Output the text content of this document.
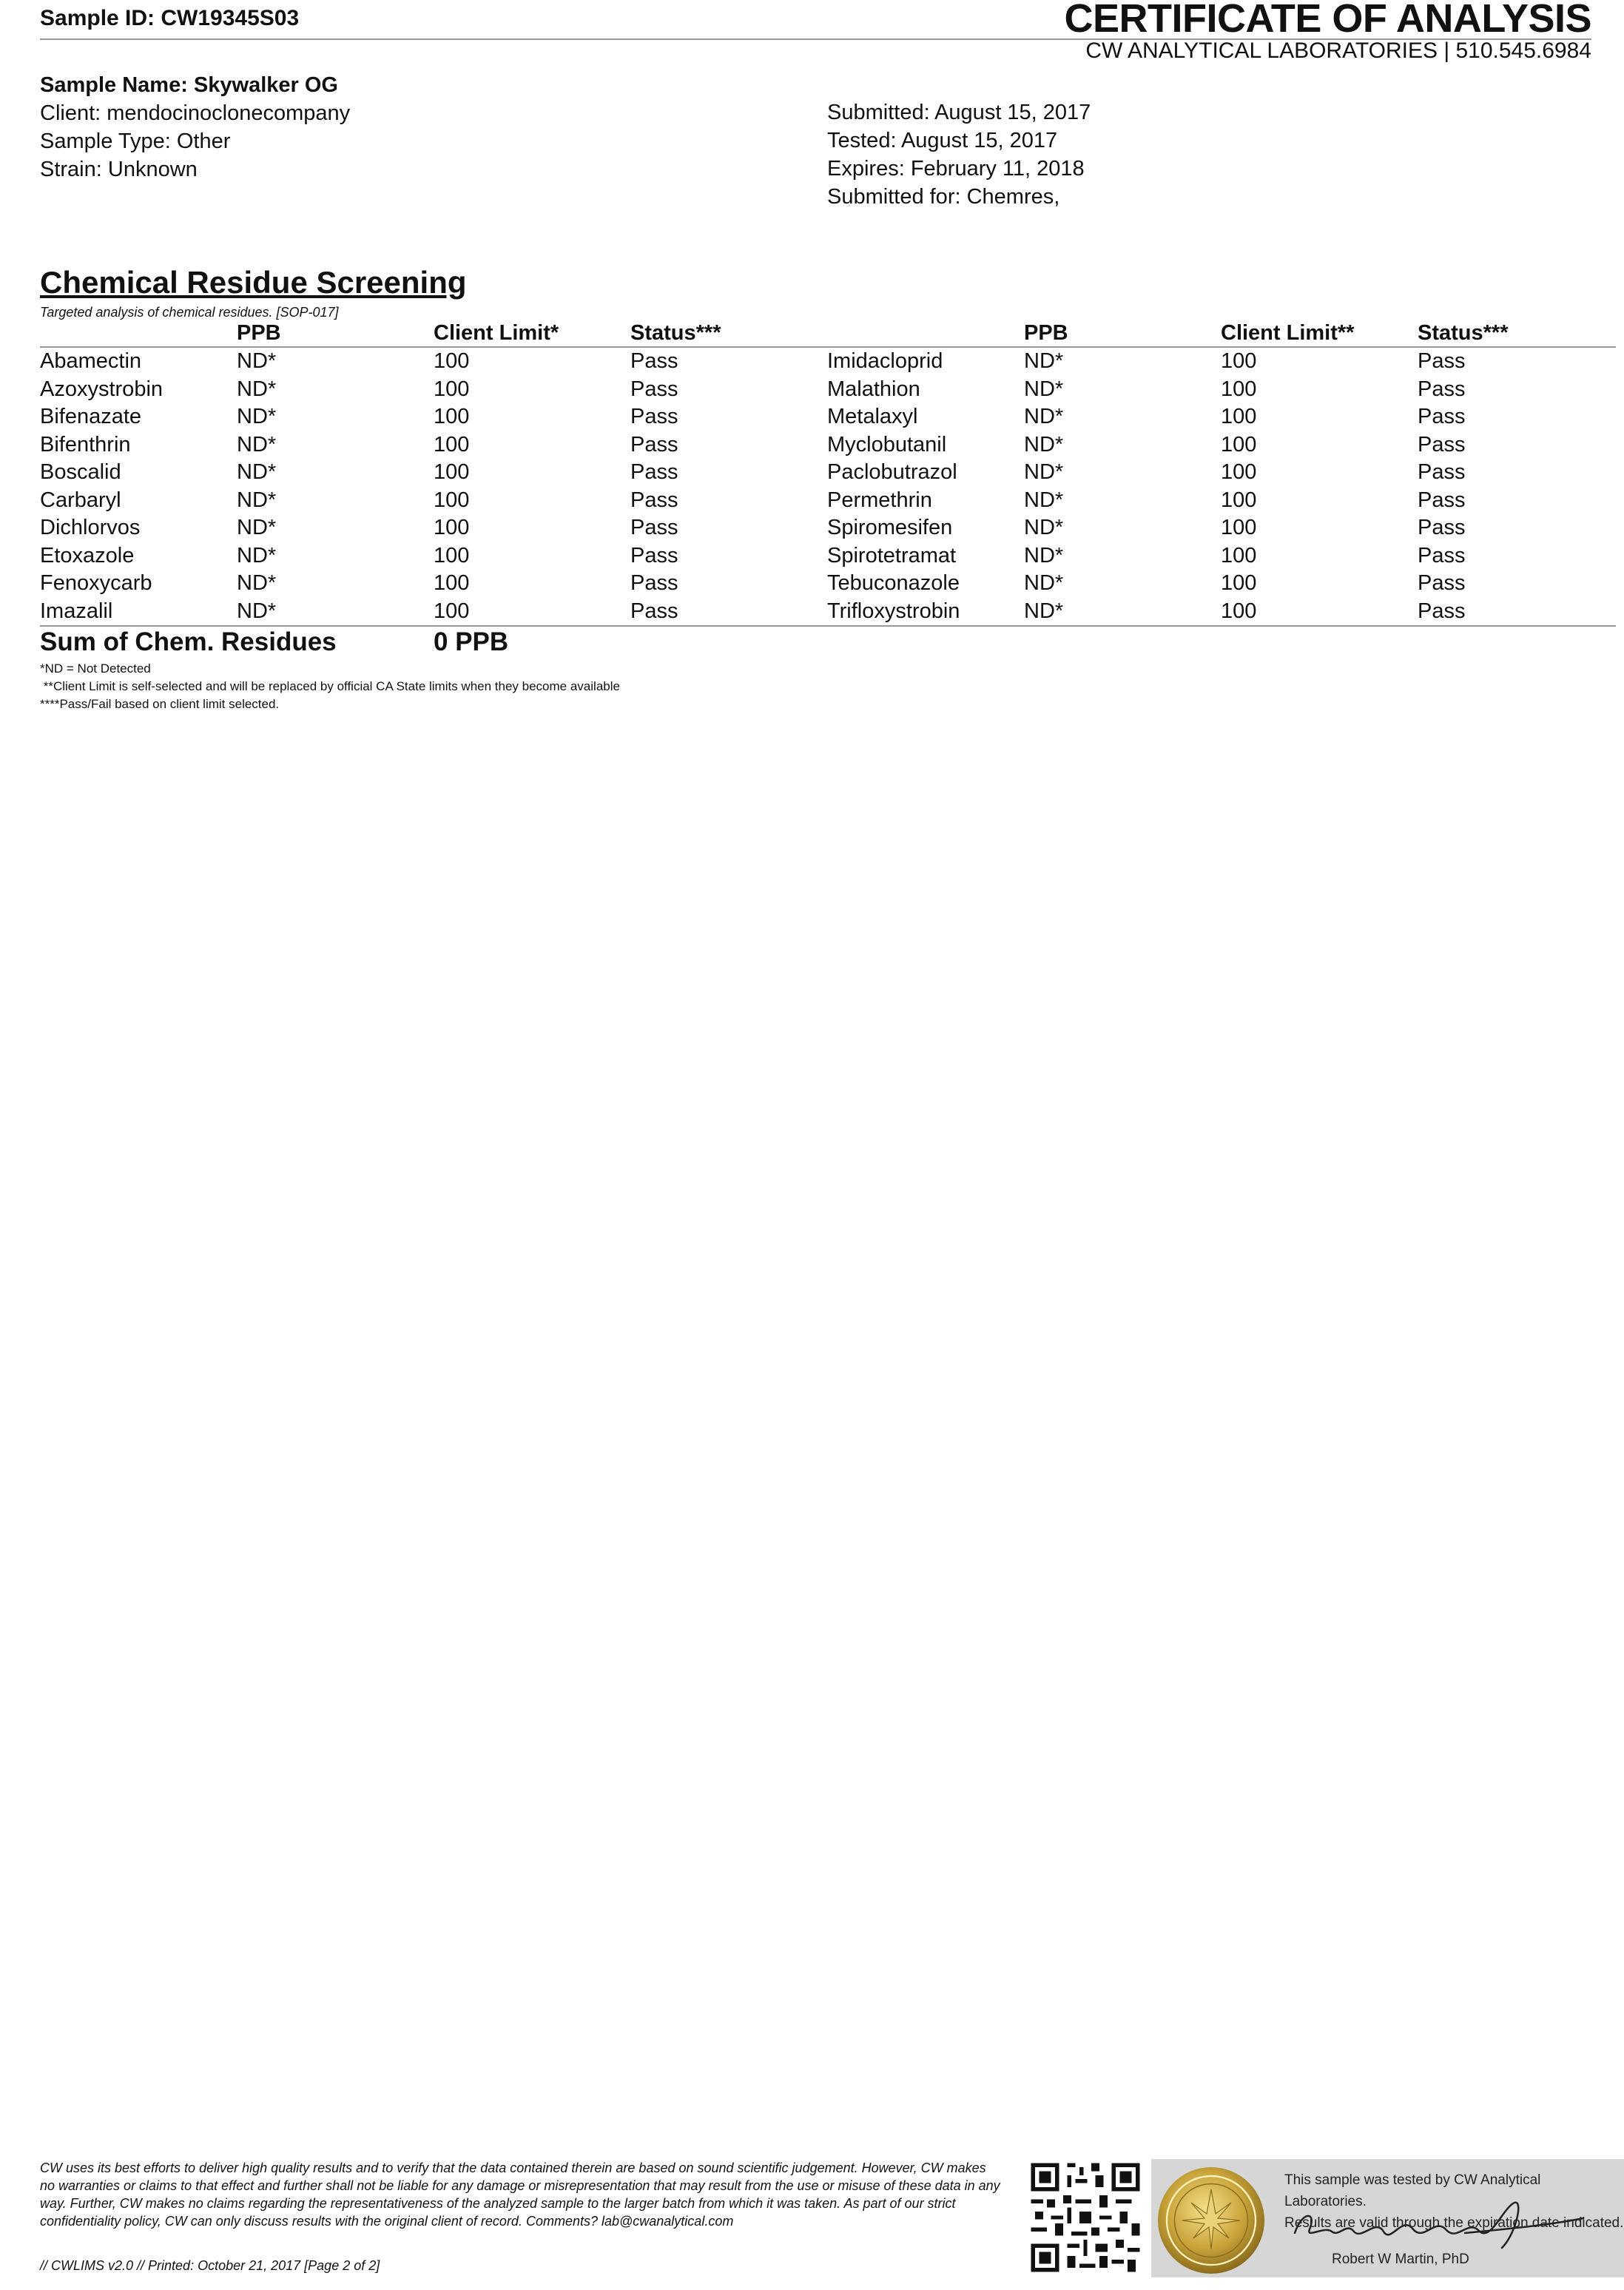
Sample ID: CW19345S03	CERTIFICATE OF ANALYSIS
CW ANALYTICAL LABORATORIES | 510.545.6984
Sample Name: Skywalker OG
Client: mendocinoclonecompany
Sample Type: Other
Strain: Unknown
Submitted: August 15, 2017
Tested: August 15, 2017
Expires: February 11, 2018
Submitted for: Chemres,
Chemical Residue Screening
Targeted analysis of chemical residues. [SOP-017]
	PPB	Client Limit*	Status***		PPB	Client Limit**	Status***
Abamectin	ND*	100	Pass	Imidacloprid	ND*	100	Pass
Azoxystrobin	ND*	100	Pass	Malathion	ND*	100	Pass
Bifenazate	ND*	100	Pass	Metalaxyl	ND*	100	Pass
Bifenthrin	ND*	100	Pass	Myclobutanil	ND*	100	Pass
Boscalid	ND*	100	Pass	Paclobutrazol	ND*	100	Pass
Carbaryl	ND*	100	Pass	Permethrin	ND*	100	Pass
Dichlorvos	ND*	100	Pass	Spiromesifen	ND*	100	Pass
Etoxazole	ND*	100	Pass	Spirotetramat	ND*	100	Pass
Fenoxycarb	ND*	100	Pass	Tebuconazole	ND*	100	Pass
Imazalil	ND*	100	Pass	Trifloxystrobin	ND*	100	Pass
Sum of Chem. Residues	0 PPB
*ND = Not Detected
**Client Limit is self-selected and will be replaced by official CA State limits when they become available
****Pass/Fail based on client limit selected.
CW uses its best efforts to deliver high quality results and to verify that the data contained therein are based on sound scientific judgement. However, CW makes no warranties or claims to that effect and further shall not be liable for any damage or misrepresentation that may result from the use or misuse of these data in any way. Further, CW makes no claims regarding the representativeness of the analyzed sample to the larger batch from which it was taken. As part of our strict confidentiality policy, CW can only discuss results with the original client of record. Comments? lab@cwanalytical.com
// CWLIMS v2.0 // Printed: October 21, 2017 [Page 2 of 2]
This sample was tested by CW Analytical Laboratories.
Results are valid through the expiration date indicated.
Robert W Martin, PhD
